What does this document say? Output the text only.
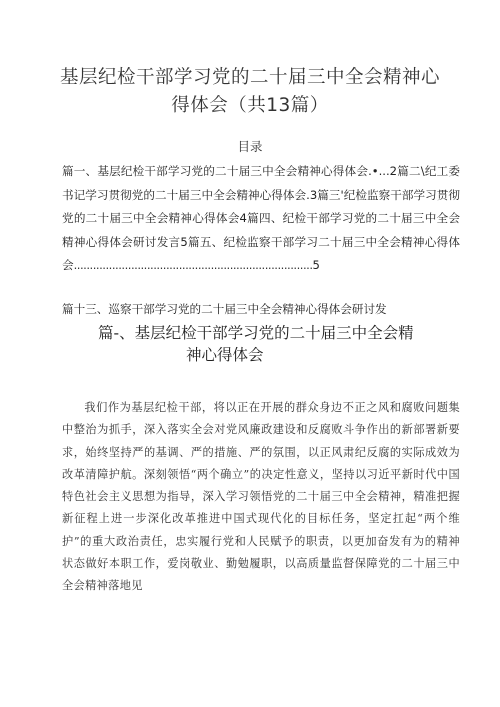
基层纪检干部学习党的二十届三中全会精神心
得体会（共13篇）
目录
篇一、基层纪检干部学习党的二十届三中全会精神心得体会.•...2篇二\纪工委书记学习贯彻党的二十届三中全会精神心得体会.3篇三'纪检监察干部学习贯彻党的二十届三中全会精神心得体会4篇四、纪检干部学习党的二十届三中全会精神心得体会研讨发言5篇五、纪检监察干部学习二十届三中全会精神心得体会...........................................................................5
篇十三、巡察干部学习党的二十届三中全会精神心得体会研讨发
篇-、基层纪检干部学习党的二十届三中全会精
神心得体会
我们作为基层纪检干部，将以正在开展的群众身边不正之风和腐败问题集中整治为抓手，深入落实全会对党风廉政建设和反腐败斗争作出的新部署新要求，始终坚持严的基调、严的措施、严的氛围，以正风肃纪反腐的实际成效为改革清障护航。深刻领悟“两个确立”的决定性意义，坚持以习近平新时代中国特色社会主义思想为指导，深入学习领悟党的二十届三中全会精神，精准把握新征程上进一步深化改革推进中国式现代化的目标任务，坚定扛起“两个维护”的重大政治责任，忠实履行党和人民赋予的职责，以更加奋发有为的精神状态做好本职工作，爱岗敬业、勤勉履职，以高质量监督保障党的二十届三中全会精神落地见
